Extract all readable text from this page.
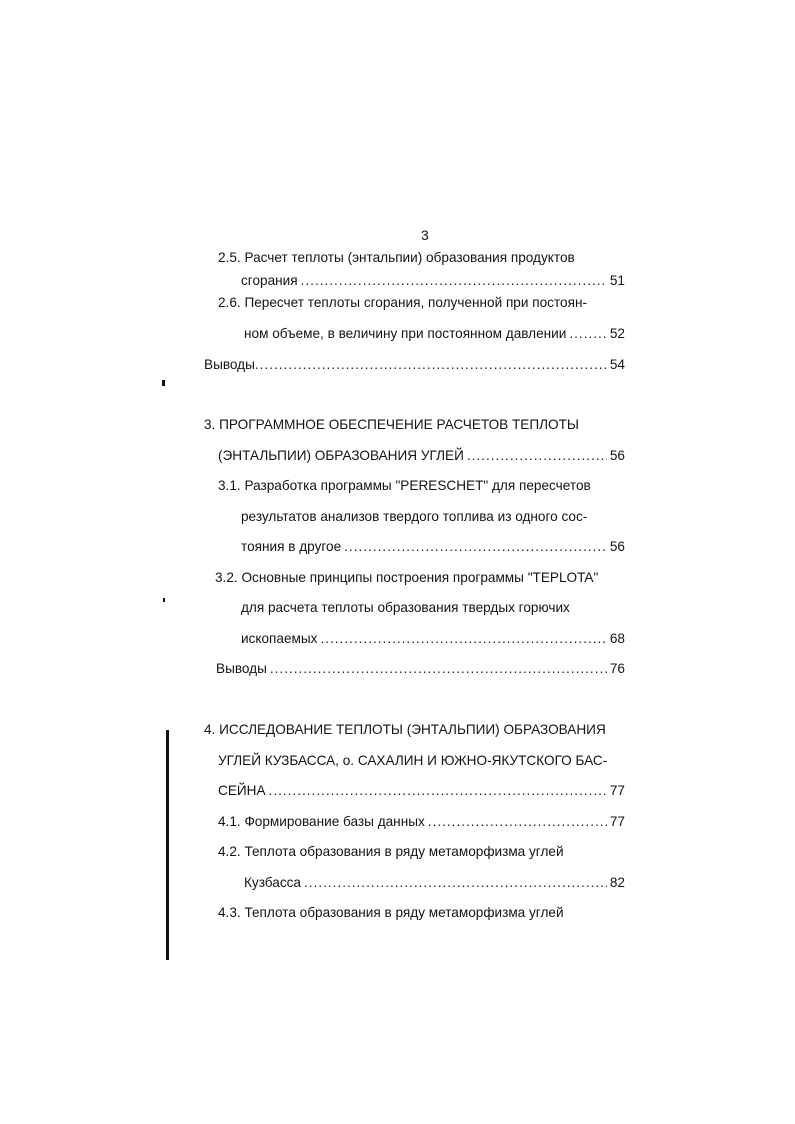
3
2.5. Расчет теплоты (энтальпии) образования продуктов
сгорания .....	51
2.6. Пересчет теплоты сгорания, полученной при постоян-
ном объеме, в величину при постоянном давлении .....	52
Выводы .....	54
3. ПРОГРАММНОЕ ОБЕСПЕЧЕНИЕ РАСЧЕТОВ ТЕПЛОТЫ
(ЭНТАЛЬПИИ) ОБРАЗОВАНИЯ УГЛЕЙ .....	56
3.1. Разработка программы "PERESCHET" для пересчетов
результатов анализов твердого топлива из одного сос-
тояния в другое .....	56
3.2. Основные принципы построения программы "TEPLOTA"
для расчета теплоты образования твердых горючих
ископаемых .....	68
Выводы .....	76
4. ИССЛЕДОВАНИЕ ТЕПЛОТЫ (ЭНТАЛЬПИИ) ОБРАЗОВАНИЯ
УГЛЕЙ КУЗБАССА, о. САХАЛИН И ЮЖНО-ЯКУТСКОГО БАС-
СЕЙНА .....	77
4.1. Формирование базы данных .....	77
4.2. Теплота образования в ряду метаморфизма углей
Кузбасса .....	82
4.3. Теплота образования в ряду метаморфизма углей
